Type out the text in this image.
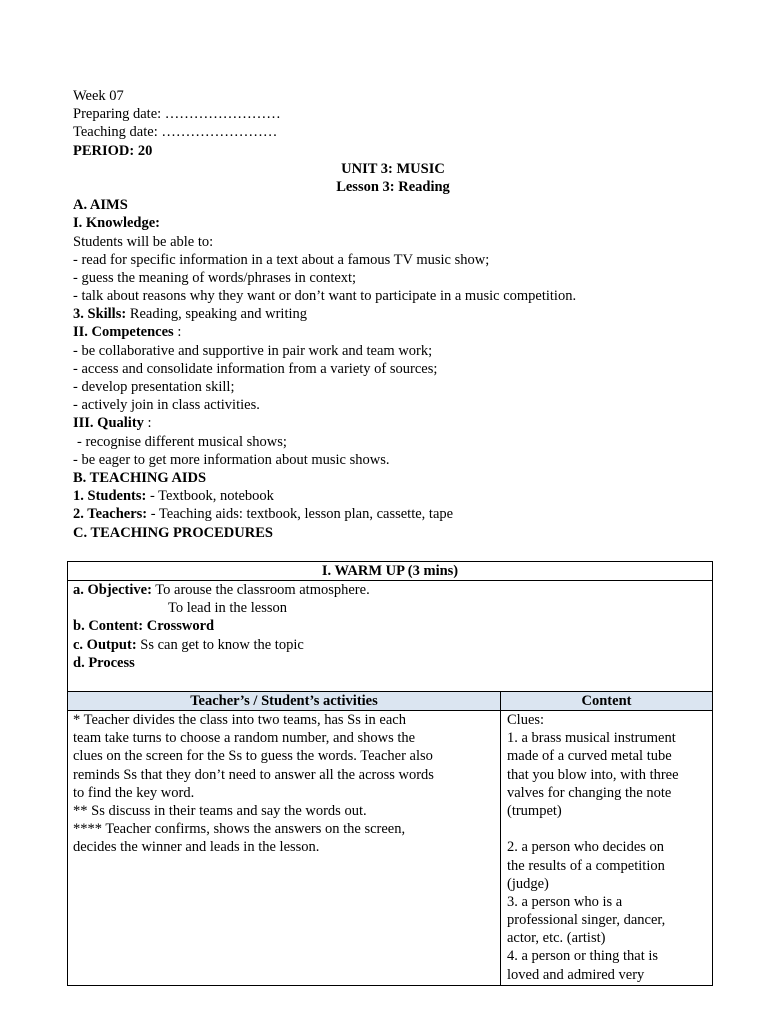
Week 07
Preparing date: ……………………
Teaching date: ……………………
PERIOD: 20
UNIT 3: MUSIC
Lesson 3: Reading
A. AIMS
I. Knowledge:
Students will be able to:
- read for specific information in a text about a famous TV music show;
- guess the meaning of words/phrases in context;
- talk about reasons why they want or don’t want to participate in a music competition.
3. Skills: Reading, speaking and writing
II. Competences :
- be collaborative and supportive in pair work and team work;
- access and consolidate information from a variety of sources;
- develop presentation skill;
- actively join in class activities.
III. Quality :
- recognise different musical shows;
- be eager to get more information about music shows.
B. TEACHING AIDS
1. Students: - Textbook, notebook
2. Teachers: - Teaching aids: textbook, lesson plan, cassette, tape
C. TEACHING PROCEDURES
I. WARM UP (3 mins)
a. Objective: To arouse the classroom atmosphere.
To lead in the lesson
b. Content: Crossword
c. Output: Ss can get to know the topic
d. Process
Teacher’s / Student’s activities	Content
* Teacher divides the class into two teams, has Ss in each
team take turns to choose a random number, and shows the
clues on the screen for the Ss to guess the words. Teacher also
reminds Ss that they don’t need to answer all the across words
to find the key word.
** Ss discuss in their teams and say the words out.
**** Teacher confirms, shows the answers on the screen,
decides the winner and leads in the lesson.
Clues:
1. a brass musical instrument
made of a curved metal tube
that you blow into, with three
valves for changing the note
(trumpet)
2. a person who decides on
the results of a competition
(judge)
3. a person who is a
professional singer, dancer,
actor, etc. (artist)
4. a person or thing that is
loved and admired very
